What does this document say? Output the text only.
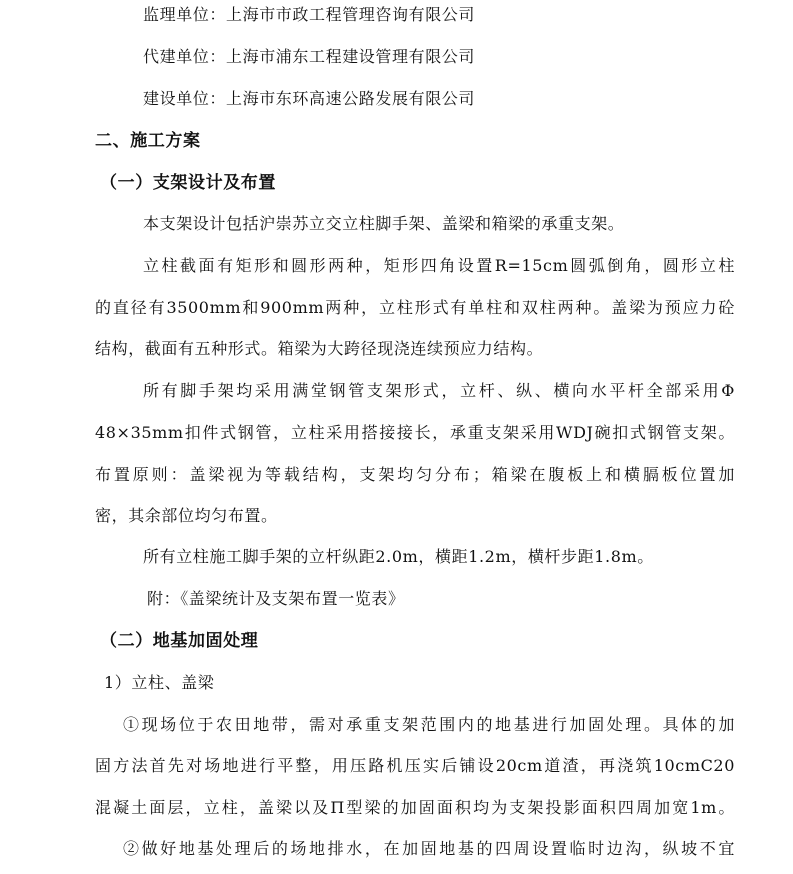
监理单位：上海市市政工程管理咨询有限公司
代建单位：上海市浦东工程建设管理有限公司
建设单位：上海市东环高速公路发展有限公司
二、施工方案
（一）支架设计及布置
本支架设计包括沪崇苏立交立柱脚手架、盖梁和箱梁的承重支架。
立柱截面有矩形和圆形两种，矩形四角设置R=15cm圆弧倒角，圆形立柱
的直径有3500mm和900mm两种，立柱形式有单柱和双柱两种。盖梁为预应力砼
结构，截面有五种形式。箱梁为大跨径现浇连续预应力结构。
所有脚手架均采用满堂钢管支架形式，立杆、纵、横向水平杆全部采用Φ
48×35mm扣件式钢管，立柱采用搭接接长，承重支架采用WDJ碗扣式钢管支架。
布置原则：盖梁视为等载结构，支架均匀分布；箱梁在腹板上和横膈板位置加
密，其余部位均匀布置。
所有立柱施工脚手架的立杆纵距2.0m，横距1.2m，横杆步距1.8m。
附：《盖梁统计及支架布置一览表》
（二）地基加固处理
1）立柱、盖梁
①现场位于农田地带，需对承重支架范围内的地基进行加固处理。具体的加
固方法首先对场地进行平整，用压路机压实后铺设20cm道渣，再浇筑10cmC20
混凝土面层，立柱，盖梁以及Π型梁的加固面积均为支架投影面积四周加宽1m。
②做好地基处理后的场地排水，在加固地基的四周设置临时边沟，纵坡不宜
